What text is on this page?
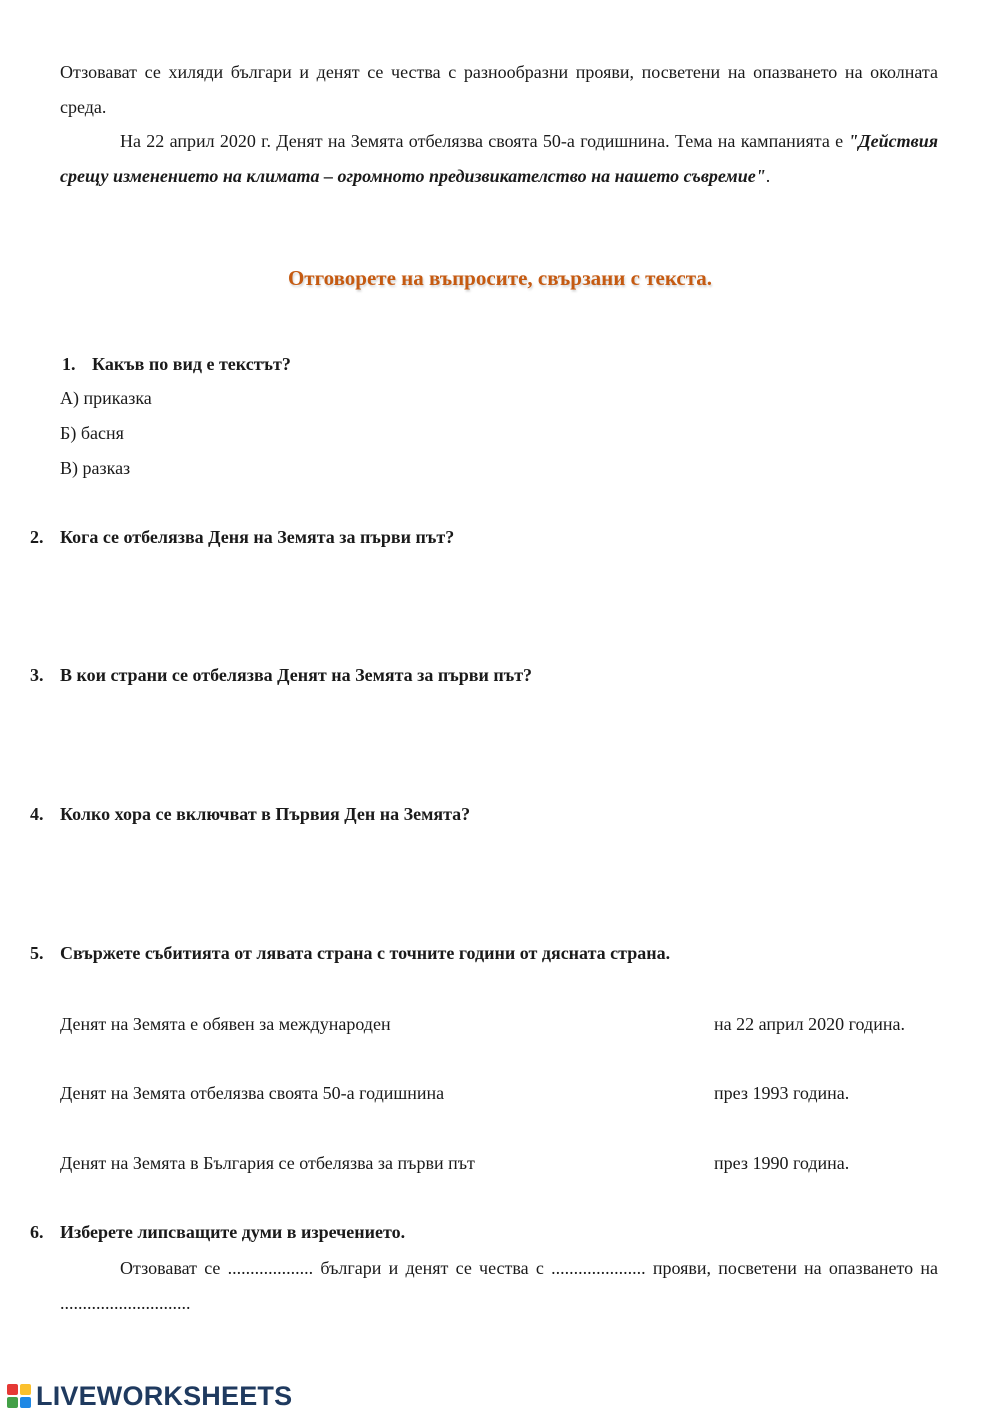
Отзовават се хиляди българи и денят се чества с разнообразни прояви, посветени на опазването на околната среда.
На 22 април 2020 г. Денят на Земята отбелязва своята 50-а годишнина. Тема на кампанията е "Действия срещу изменението на климата – огромното предизвикателство на нашето съвремие".
Отговорете на въпросите, свързани с текста.
1. Какъв по вид е текстът?
А) приказка
Б) басня
В) разказ
2. Кога се отбелязва Деня на Земята за първи път?
3. В кои страни се отбелязва Денят на Земята за първи път?
4. Колко хора се включват в Първия Ден на Земята?
5. Свържете събитията от лявата страна с точните години от дясната страна.
Денят на Земята е обявен за международен	на 22 април 2020 година.
Денят на Земята отбелязва своята 50-а годишнина	през 1993 година.
Денят на Земята в България се отбелязва за първи път	през 1990 година.
6. Изберете липсващите думи в изречението.
Отзовават се ................... българи и денят се чества с ..................... прояви, посветени на опазването на .............................
LIVEWORKSHEETS
